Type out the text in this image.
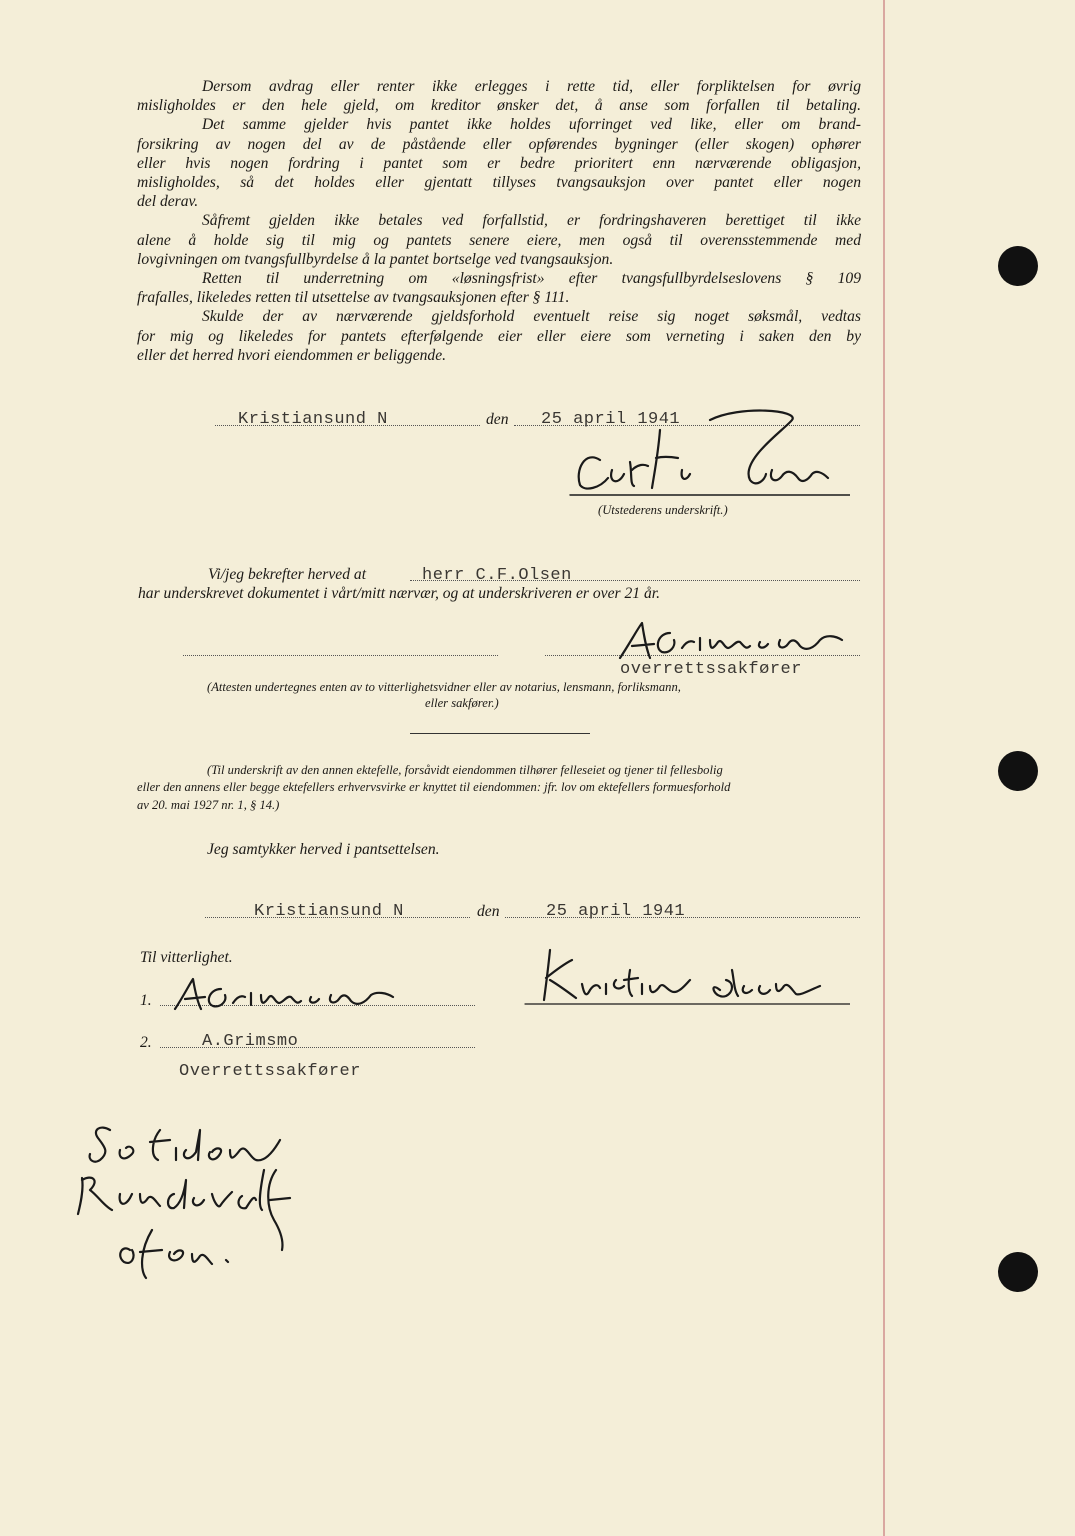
Dersom avdrag eller renter ikke erlegges i rette tid, eller forpliktelsen for øvrig
misligholdes er den hele gjeld, om kreditor ønsker det, å anse som forfallen til betaling.
Det samme gjelder hvis pantet ikke holdes uforringet ved like, eller om brand-
forsikring av nogen del av de påstående eller opførendes bygninger (eller skogen) ophører
eller hvis nogen fordring i pantet som er bedre prioritert enn nærværende obligasjon,
misligholdes, så det holdes eller gjentatt tillyses tvangsauksjon over pantet eller nogen
del derav.
Såfremt gjelden ikke betales ved forfallstid, er fordringshaveren berettiget til ikke
alene å holde sig til mig og pantets senere eiere, men også til overensstemmende med
lovgivningen om tvangsfullbyrdelse å la pantet bortselge ved tvangsauksjon.
Retten til underretning om «løsningsfrist» efter tvangsfullbyrdelseslovens § 109
frafalles, likeledes retten til utsettelse av tvangsauksjonen efter § 111.
Skulde der av nærværende gjeldsforhold eventuelt reise sig noget søksmål, vedtas
for mig og likeledes for pantets efterfølgende eier eller eiere som verneting i saken den by
eller det herred hvori eiendommen er beliggende.
Kristiansund N	den 25 april 1941
(Utstederens underskrift.)
Vi/jeg bekrefter herved at	herr C.F.Olsen
har underskrevet dokumentet i vårt/mitt nærvær, og at underskriveren er over 21 år.
overrettssakfører
(Attesten undertegnes enten av to vitterlighetsvidner eller av notarius, lensmann, forliksmann,
eller sakfører.)
(Til underskrift av den annen ektefelle, forsåvidt eiendommen tilhører felleseiet og tjener til fellesbolig
eller den annens eller begge ektefellers erhvervsvirke er knyttet til eiendommen: jfr. lov om ektefellers formuesforhold
av 20. mai 1927 nr. 1, § 14.)
Jeg samtykker herved i pantsettelsen.
Kristiansund N	den	25 april 1941
Til vitterlighet.
1.
2.	A.Grimsmo
Overrettssakfører
